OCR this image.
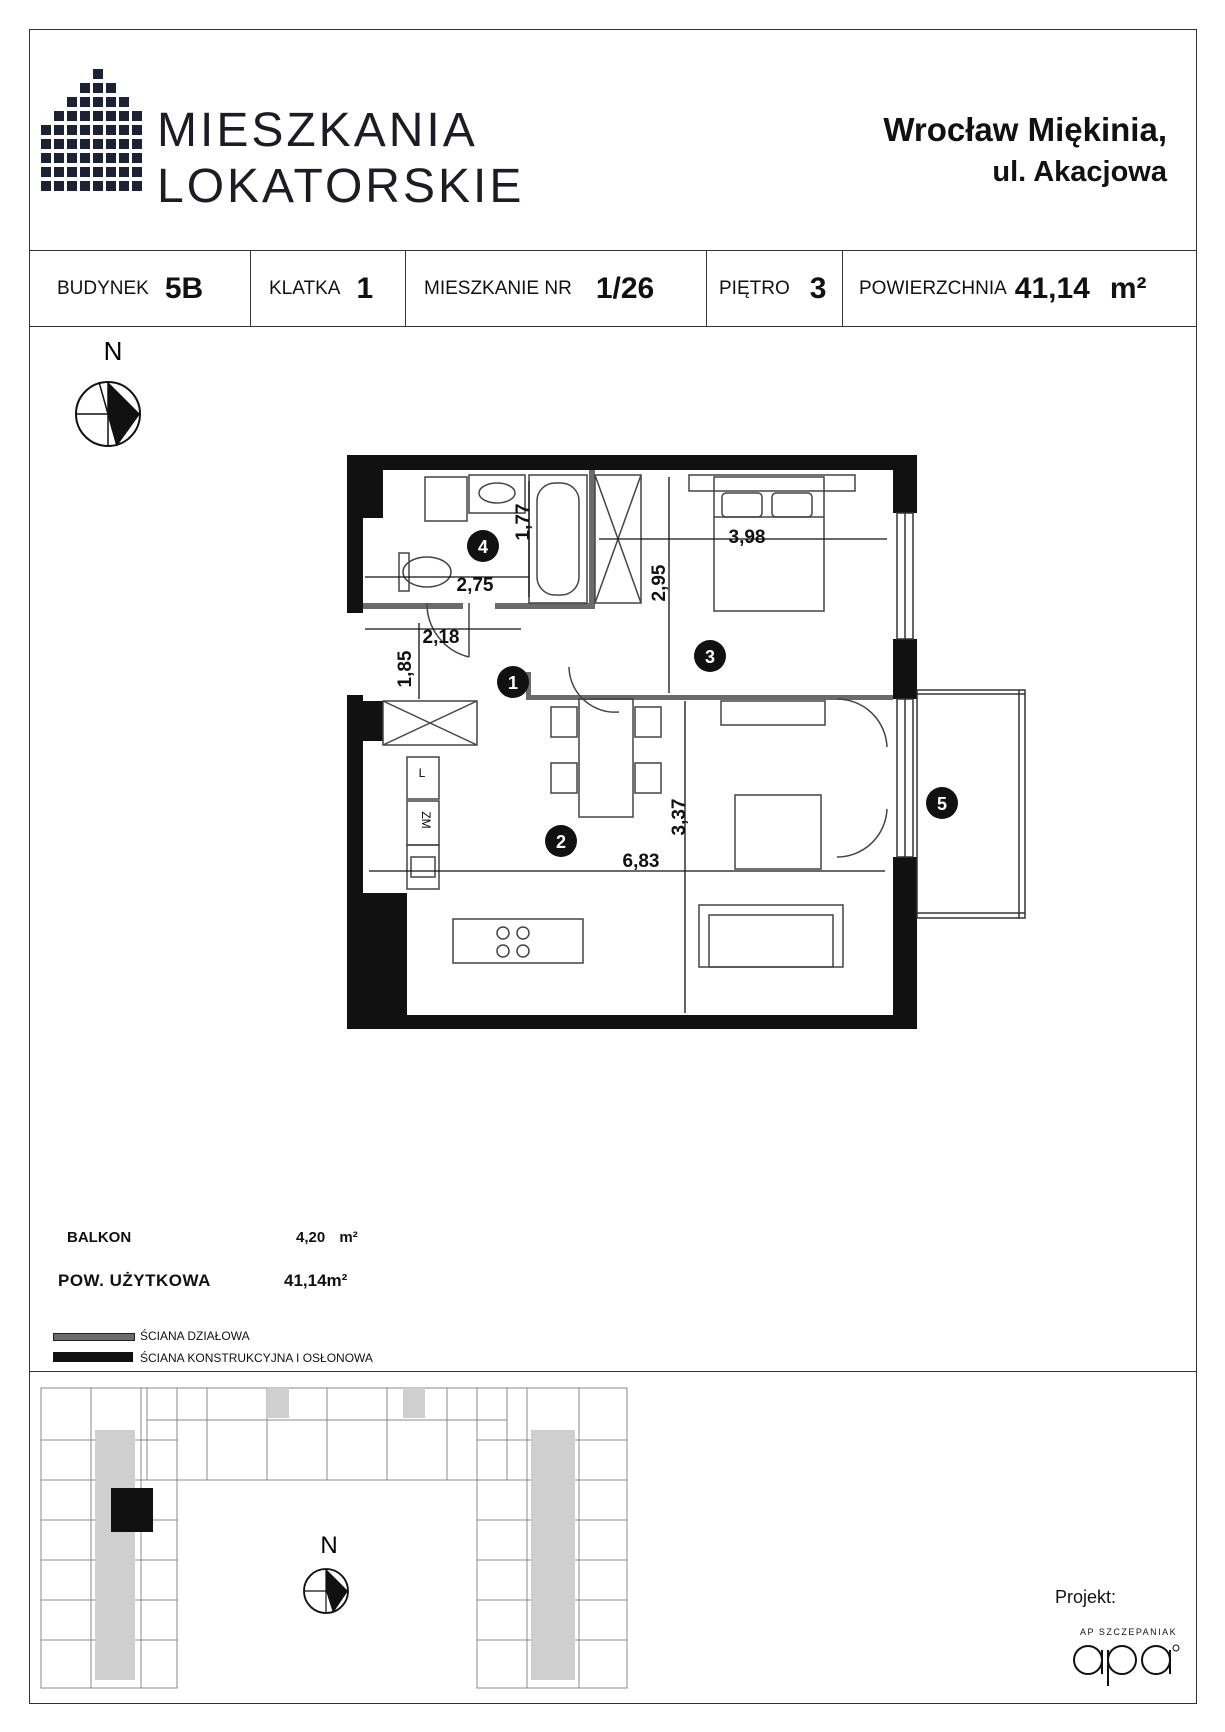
MIESZKANIA
LOKATORSKIE
Wrocław Miękinia,
ul. Akacjowa
BUDYNEK 5B	KLATKA 1	MIESZKANIE NR 1/26	PIĘTRO 3 POWIERZCHNIA 41,14 m²
N
L
ZM
1,77
2,75
2,18
1,85
3,98
2,95
3,37
6,83
4
1
2
3
5
BALKON	4,20 m²
POW. UŻYTKOWA	41,14m²
ŚCIANA DZIAŁOWA
ŚCIANA KONSTRUKCYJNA I OSŁONOWA
N
Projekt:
AP SZCZEPANIAK
